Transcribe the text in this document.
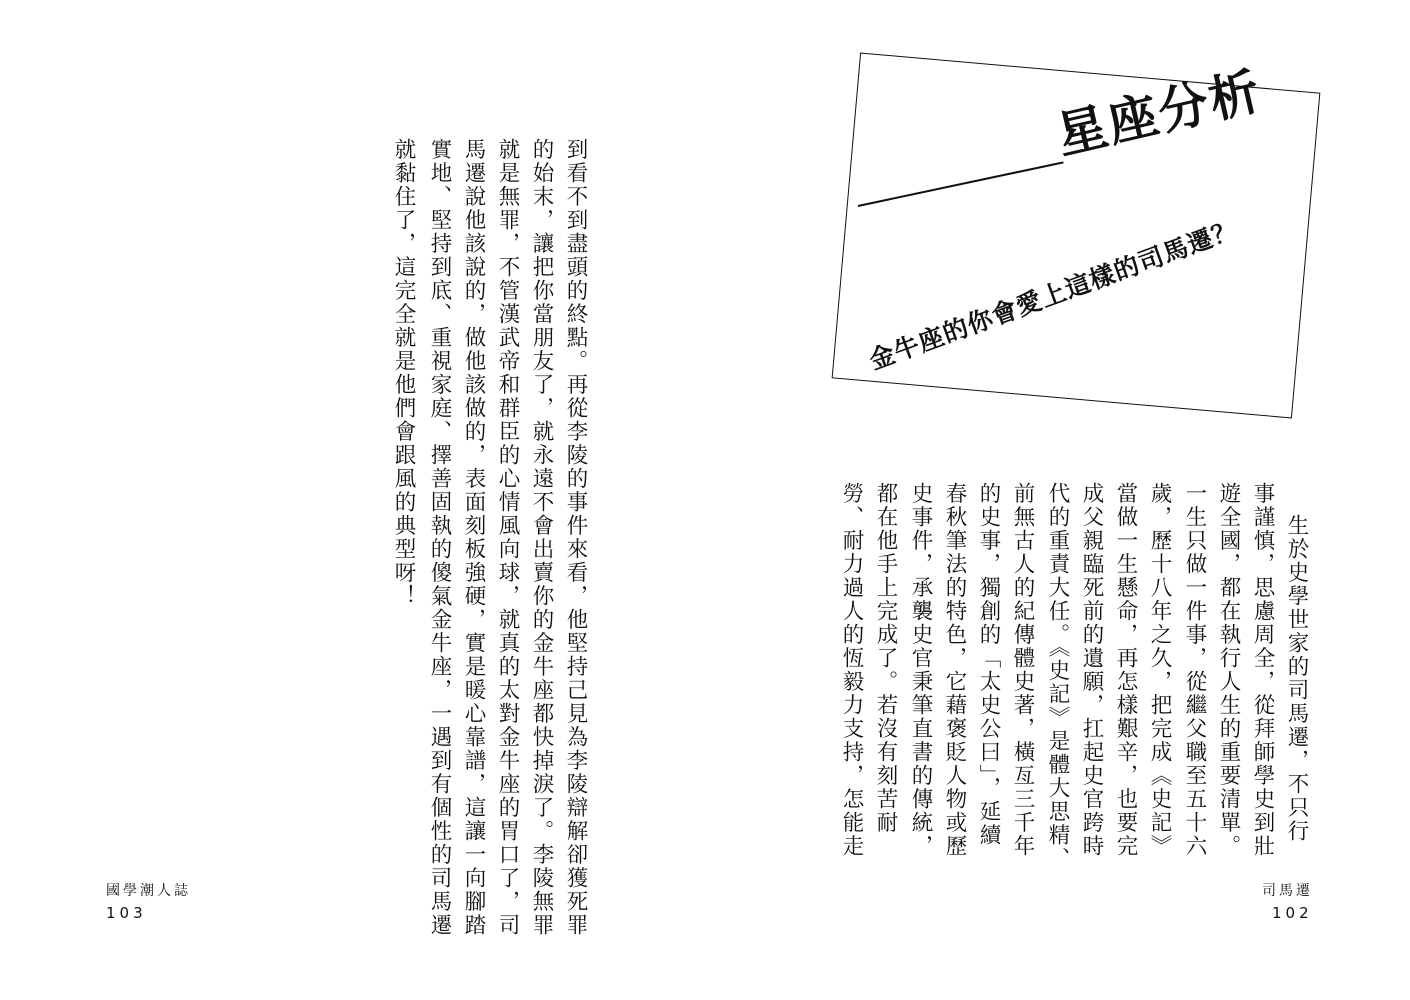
到看不到盡頭的終點。再從李陵的事件來看，他堅持己見為李陵辯解卻獲死罪
的始末，讓把你當朋友了，就永遠不會出賣你的金牛座都快掉淚了。李陵無罪
就是無罪，不管漢武帝和群臣的心情風向球，就真的太對金牛座的胃口了，司
馬遷說他該說的，做他該做的，表面刻板強硬，實是暖心靠譜，這讓一向腳踏
實地、堅持到底、重視家庭、擇善固執的傻氣金牛座，一遇到有個性的司馬遷
就黏住了，這完全就是他們會跟風的典型呀！
國學潮人誌
103
星座分析
金牛座的你會愛上這樣的司馬遷？
生於史學世家的司馬遷，不只行
事謹慎，思慮周全，從拜師學史到壯
遊全國，都在執行人生的重要清單。
一生只做一件事，從繼父職至五十六
歲，歷十八年之久，把完成《史記》
當做一生懸命，再怎樣艱辛，也要完
成父親臨死前的遺願，扛起史官跨時
代的重責大任。《史記》是體大思精、
前無古人的紀傳體史著，橫亙三千年
的史事，獨創的「太史公曰」，延續
春秋筆法的特色，它藉褒貶人物或歷
史事件，承襲史官秉筆直書的傳統，
都在他手上完成了。若沒有刻苦耐
勞、耐力過人的恆毅力支持，怎能走
司馬遷
102
